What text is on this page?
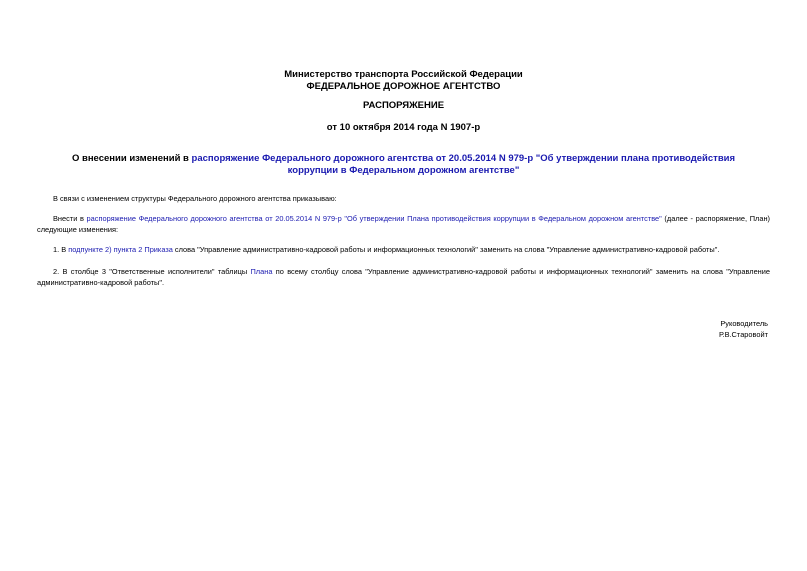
Министерство транспорта Российской Федерации
ФЕДЕРАЛЬНОЕ ДОРОЖНОЕ АГЕНТСТВО
РАСПОРЯЖЕНИЕ
от 10 октября 2014 года N 1907-р
О внесении изменений в распоряжение Федерального дорожного агентства от 20.05.2014 N 979-р "Об утверждении плана противодействия коррупции в Федеральном дорожном агентстве"
В связи с изменением структуры Федерального дорожного агентства приказываю:
Внести в распоряжение Федерального дорожного агентства от 20.05.2014 N 979-р "Об утверждении Плана противодействия коррупции в Федеральном дорожном агентстве" (далее - распоряжение, План) следующие изменения:
1. В подпункте 2) пункта 2 Приказа слова "Управление административно-кадровой работы и информационных технологий" заменить на слова "Управление административно-кадровой работы".
2. В столбце 3 "Ответственные исполнители" таблицы Плана по всему столбцу слова "Управление административно-кадровой работы и информационных технологий" заменить на слова "Управление административно-кадровой работы".
Руководитель
Р.В.Старовойт
